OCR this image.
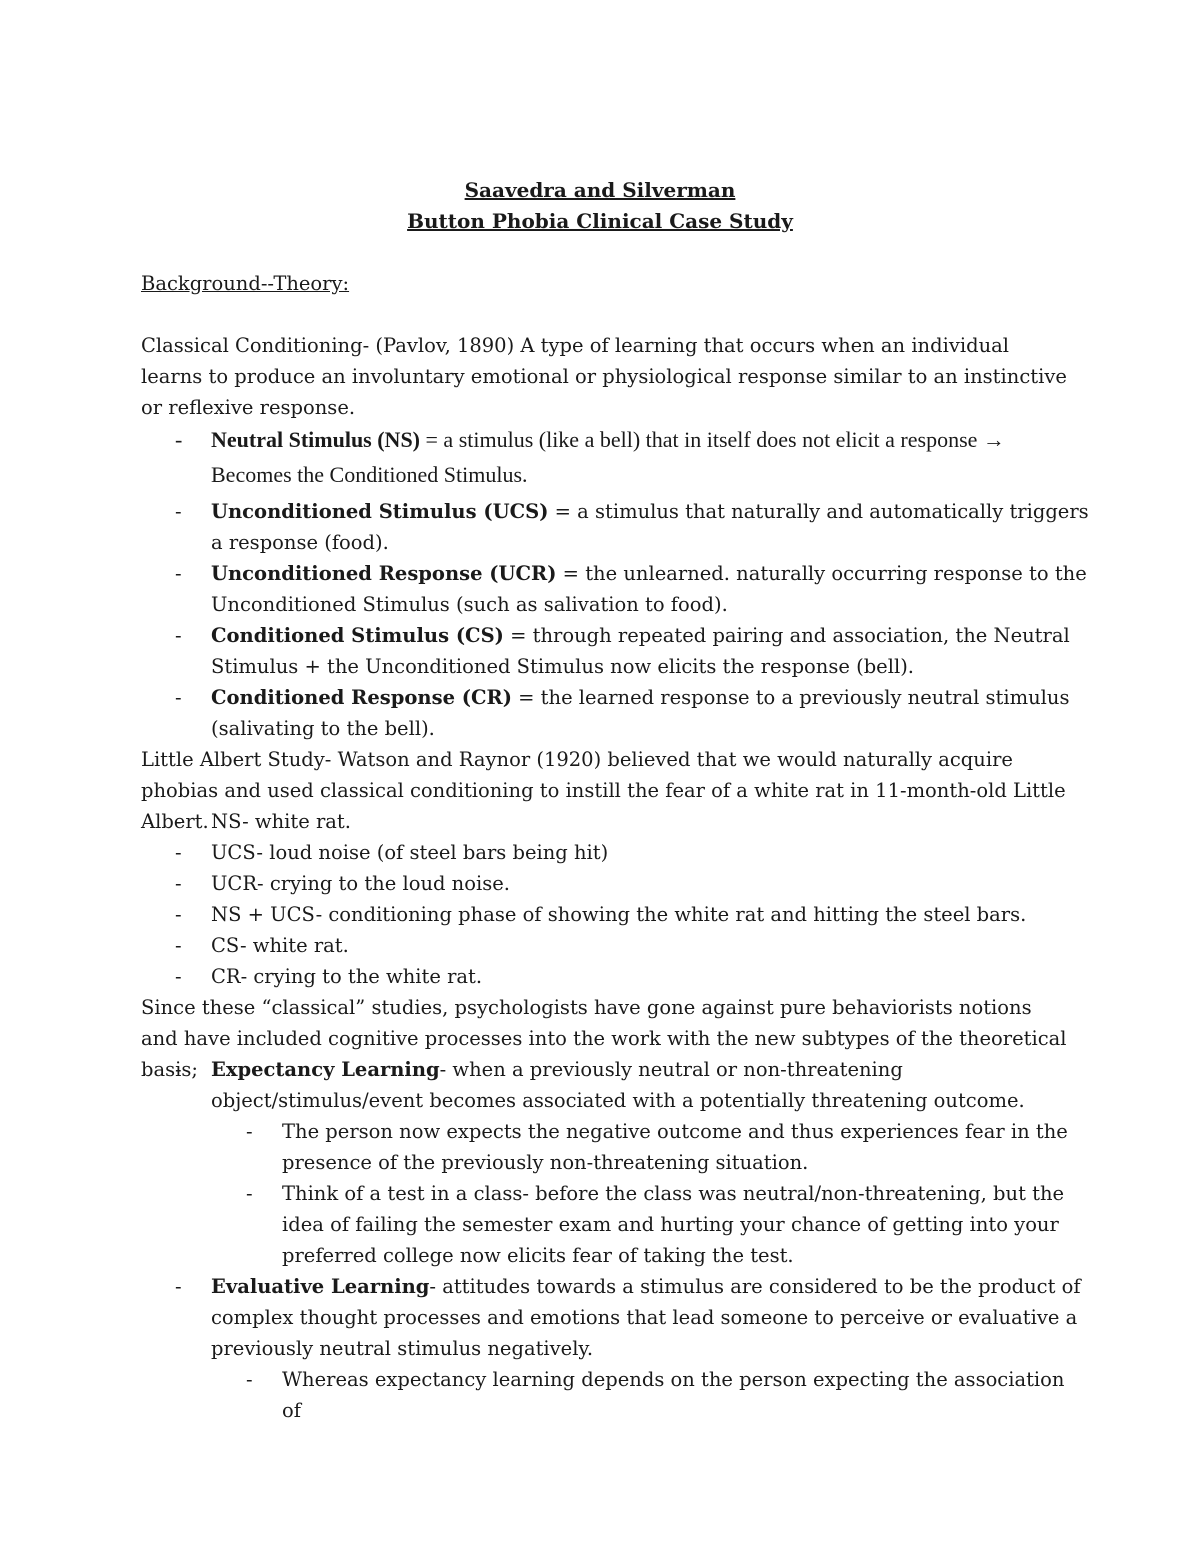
Saavedra and Silverman
Button Phobia Clinical Case Study
Background--Theory:
Classical Conditioning- (Pavlov, 1890) A type of learning that occurs when an individual learns to produce an involuntary emotional or physiological response similar to an instinctive or reflexive response.
- Neutral Stimulus (NS) = a stimulus (like a bell) that in itself does not elicit a response → Becomes the Conditioned Stimulus.
- Unconditioned Stimulus (UCS) = a stimulus that naturally and automatically triggers a response (food).
- Unconditioned Response (UCR) = the unlearned. naturally occurring response to the Unconditioned Stimulus (such as salivation to food).
- Conditioned Stimulus (CS) = through repeated pairing and association, the Neutral Stimulus + the Unconditioned Stimulus now elicits the response (bell).
- Conditioned Response (CR) = the learned response to a previously neutral stimulus (salivating to the bell).
Little Albert Study- Watson and Raynor (1920) believed that we would naturally acquire phobias and used classical conditioning to instill the fear of a white rat in 11-month-old Little Albert. - NS- white rat.
- UCS- loud noise (of steel bars being hit)
- UCR- crying to the loud noise.
- NS + UCS- conditioning phase of showing the white rat and hitting the steel bars.
- CS- white rat.
- CR- crying to the white rat.
Since these “classical” studies, psychologists have gone against pure behaviorists notions and have included cognitive processes into the work with the new subtypes of the theoretical basis; - Expectancy Learning- when a previously neutral or non-threatening object/stimulus/event becomes associated with a potentially threatening outcome.
- The person now expects the negative outcome and thus experiences fear in the presence of the previously non-threatening situation.
- Think of a test in a class- before the class was neutral/non-threatening, but the idea of failing the semester exam and hurting your chance of getting into your preferred college now elicits fear of taking the test.
- Evaluative Learning- attitudes towards a stimulus are considered to be the product of complex thought processes and emotions that lead someone to perceive or evaluative a previously neutral stimulus negatively.
- Whereas expectancy learning depends on the person expecting the association of
